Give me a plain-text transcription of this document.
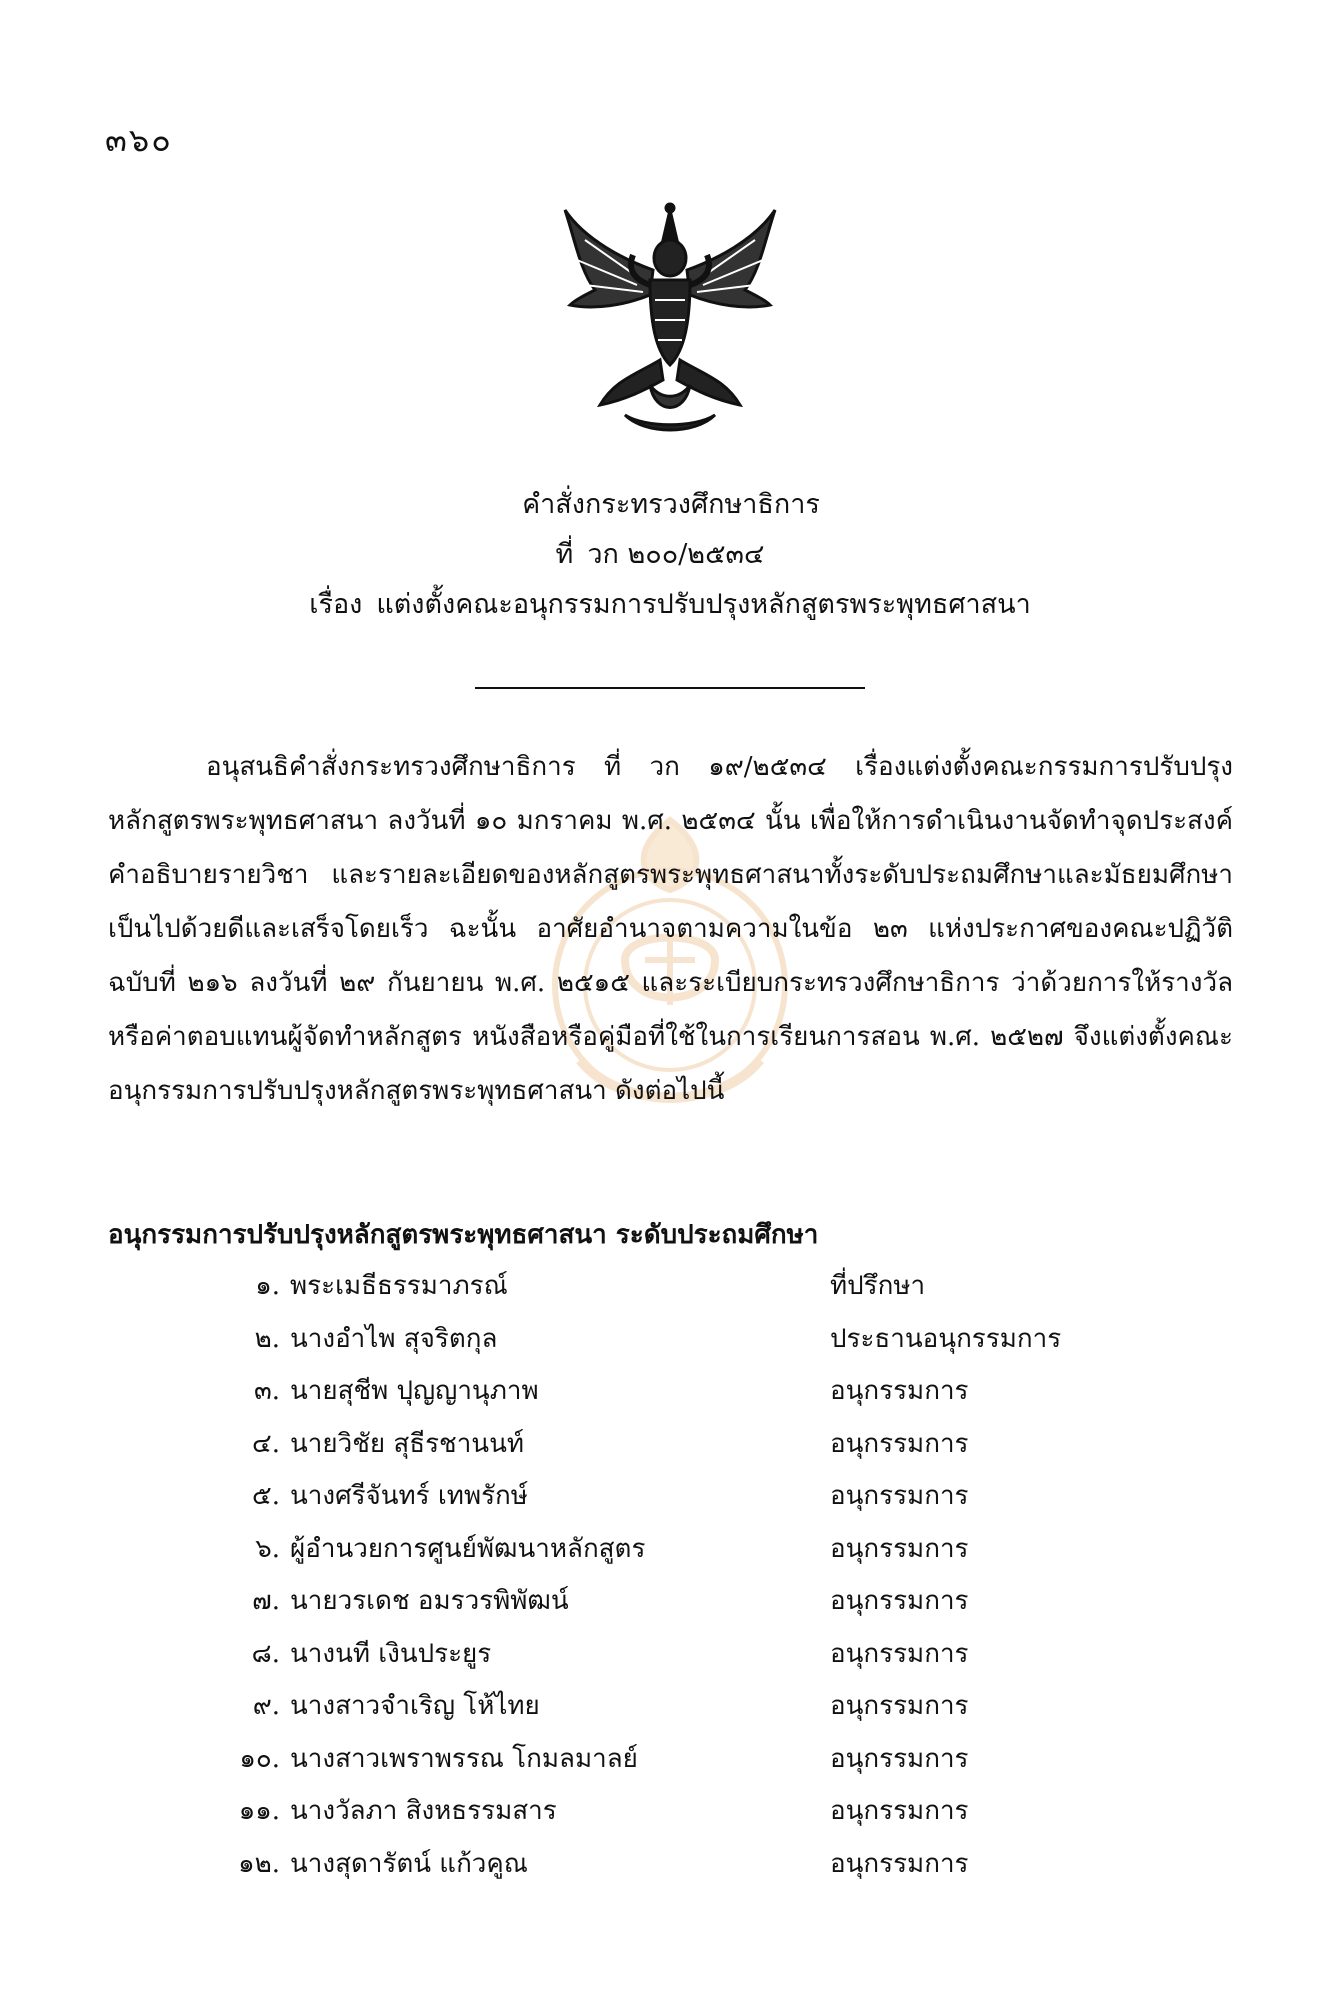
๓๖๐
คำสั่งกระทรวงศึกษาธิการ
ที่ วก ๒๐๐/๒๕๓๔
เรื่อง แต่งตั้งคณะอนุกรรมการปรับปรุงหลักสูตรพระพุทธศาสนา
อนุสนธิคำสั่งกระทรวงศึกษาธิการ ที่ วก ๑๙/๒๕๓๔ เรื่องแต่งตั้งคณะกรรมการปรับปรุงหลักสูตรพระพุทธศาสนา ลงวันที่ ๑๐ มกราคม พ.ศ. ๒๕๓๔ นั้น เพื่อให้การดำเนินงานจัดทำจุดประสงค์คำอธิบายรายวิชา และรายละเอียดของหลักสูตรพระพุทธศาสนาทั้งระดับประถมศึกษาและมัธยมศึกษาเป็นไปด้วยดีและเสร็จโดยเร็ว ฉะนั้น อาศัยอำนาจตามความในข้อ ๒๓ แห่งประกาศของคณะปฏิวัติฉบับที่ ๒๑๖ ลงวันที่ ๒๙ กันยายน พ.ศ. ๒๕๑๕ และระเบียบกระทรวงศึกษาธิการ ว่าด้วยการให้รางวัลหรือค่าตอบแทนผู้จัดทำหลักสูตร หนังสือหรือคู่มือที่ใช้ในการเรียนการสอน พ.ศ. ๒๕๒๗ จึงแต่งตั้งคณะอนุกรรมการปรับปรุงหลักสูตรพระพุทธศาสนา ดังต่อไปนี้
อนุกรรมการปรับปรุงหลักสูตรพระพุทธศาสนา ระดับประถมศึกษา
๑. พระเมธีธรรมาภรณ์	ที่ปรึกษา
๒. นางอำไพ สุจริตกุล	ประธานอนุกรรมการ
๓. นายสุชีพ ปุญญานุภาพ	อนุกรรมการ
๔. นายวิชัย สุธีรชานนท์	อนุกรรมการ
๕. นางศรีจันทร์ เทพรักษ์	อนุกรรมการ
๖. ผู้อำนวยการศูนย์พัฒนาหลักสูตร	อนุกรรมการ
๗. นายวรเดช อมรวรพิพัฒน์	อนุกรรมการ
๘. นางนที เงินประยูร	อนุกรรมการ
๙. นางสาวจำเริญ โห้ไทย	อนุกรรมการ
๑๐. นางสาวเพราพรรณ โกมลมาลย์	อนุกรรมการ
๑๑. นางวัลภา สิงหธรรมสาร	อนุกรรมการ
๑๒. นางสุดารัตน์ แก้วคูณ	อนุกรรมการ
